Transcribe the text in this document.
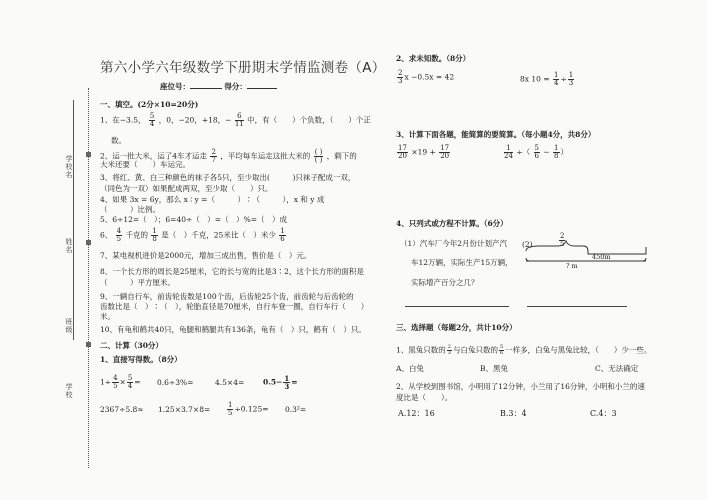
学校名
姓名
班级
学校
第六小学六年级数学下册期末学情监测卷（A）
座位号：	得分：
一、填空。(2分×10=20分)
1、在−3.5， $\frac{5}{4}$ ，0，−20，+18，− $\frac{6}{11}$ 中，有（　　）个负数，（　　）个正
数。
2、运一批大米，运了4车才运走 $\frac{2}{7}$ ，平均每车运走这批大米的 $\frac{( )}{( )}$ ，剩下的
大米还要（　　）车运完。
3、将红、黄、白三种颜色的袜子各5只，至少取出(　　　)只袜子配成一双，
（同色为一双）如果配成两双，至少取（　　）只。
4、如果 3x = 6y，那么 x ∶ y =（　　　）∶（　　　），x 和 y 成
（　　　）比例。
5、6÷12=（　）；6=40÷（　）=（　）%=（　）成
6、 $\frac{4}{5}$ 千克的 $\frac{1}{8}$ 是（　）千克，25米比（　）米少 $\frac{1}{6}$
7、某电视机进价是2000元，增加三成出售，售价是（　）元。
8、一个长方形的周长是25厘米，它的长与宽的比是3∶2，这个长方形的面积是
（　　　）平方厘米。
9、一辆自行车，前齿轮齿数是100个齿，后齿轮25个齿，前齿轮与后齿轮的
齿数比是（　）∶（　），轮胎直径是70厘米，自行车登一圈，自行车行（　　）
米。
10、有龟和鹤共40只，龟腿和鹤腿共有136条，龟有（　）只，鹤有（　）只。
二、计算（30分）
1、直接写得数。（8分）
$1\div \frac{4}{5} \times \frac{5}{4} = 0.6\div 3\%=$	$4.5\times 4= 0.5- \frac{1}{3}$ =
$2367\div 5.8\approx 1.25\times 3.7\times 8= \frac{1}{5} \div 0.125= 0.3^2=$
2、求未知数。（8分）
$\frac{2}{3}$ x −0.5x = 42	8x $10 = \frac{1}{4} \div \frac{1}{3}$
3、计算下面各题，能简算的要简算。（每小题4分，共8分）
$\frac{17}{20} \times 19 + \frac{17}{20}$	$\frac{1}{24}$ ÷（ $\frac{5}{6} - \frac{1}{8}$ ）
4、只列式或方程不计算。（6分）
（1）汽车厂今年2月份计划产汽
车12万辆，实际生产15万辆，
实际增产百分之几？
(2)	$\frac{2}{5}$
450m
? m
三、选择题（每题2分，共计10分）
1、黑兔只数的 $\frac{2}{3}$ 与白兔只数的 $\frac{5}{6}$ 一样多，白兔与黑兔比较，（　　）少一些。
A、白兔	B、黑兔	C、无法确定
2、从学校到图书馆，小明用了12分钟，小兰用了16分钟，小明和小兰的速
度比是（　　）。
A.12：16	B.3：4	C.4：3
